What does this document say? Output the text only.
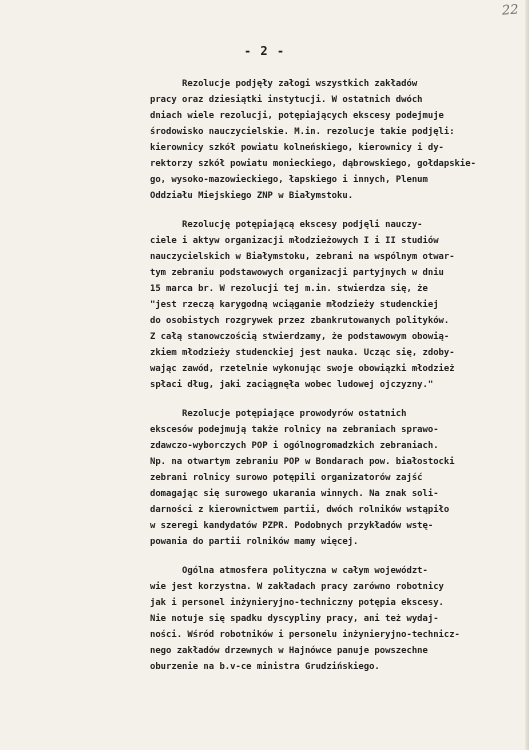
22
- 2 -
Rezolucje podjęły załogi wszystkich zakładów
pracy oraz dziesiątki instytucji. W ostatnich dwóch
dniach wiele rezolucji, potępiających ekscesy podejmuje
środowisko nauczycielskie. M.in. rezolucje takie podjęli:
kierownicy szkół powiatu kolneńskiego, kierownicy i dy-
rektorzy szkół powiatu monieckiego, dąbrowskiego, gołdapskie-
go, wysoko-mazowieckiego, łapskiego i innych, Plenum
Oddziału Miejskiego ZNP w Białymstoku.
Rezolucję potępiającą ekscesy podjęli nauczy-
ciele i aktyw organizacji młodzieżowych I i II studiów
nauczycielskich w Białymstoku, zebrani na wspólnym otwar-
tym zebraniu podstawowych organizacji partyjnych w dniu
15 marca br. W rezolucji tej m.in. stwierdza się, że
"jest rzeczą karygodną wciąganie młodzieży studenckiej
do osobistych rozgrywek przez zbankrutowanych polityków.
Z całą stanowczością stwierdzamy, że podstawowym obowią-
zkiem młodzieży studenckiej jest nauka. Ucząc się, zdoby-
wając zawód, rzetelnie wykonując swoje obowiązki młodzież
spłaci dług, jaki zaciągnęła wobec ludowej ojczyzny."
Rezolucje potępiające prowodyrów ostatnich
ekscesów podejmują także rolnicy na zebraniach sprawo-
zdawczo-wyborczych POP i ogólnogromadzkich zebraniach.
Np. na otwartym zebraniu POP w Bondarach pow. białostocki
zebrani rolnicy surowo potępili organizatorów zajść
domagając się surowego ukarania winnych. Na znak soli-
darności z kierownictwem partii, dwóch rolników wstąpiło
w szeregi kandydatów PZPR. Podobnych przykładów wstę-
powania do partii rolników mamy więcej.
Ogólna atmosfera polityczna w całym województ-
wie jest korzystna. W zakładach pracy zarówno robotnicy
jak i personel inżynieryjno-techniczny potępia ekscesy.
Nie notuje się spadku dyscypliny pracy, ani też wydaj-
ności. Wśród robotników i personelu inżynieryjno-technicz-
nego zakładów drzewnych w Hajnówce panuje powszechne
oburzenie na b.v-ce ministra Grudzińskiego.
